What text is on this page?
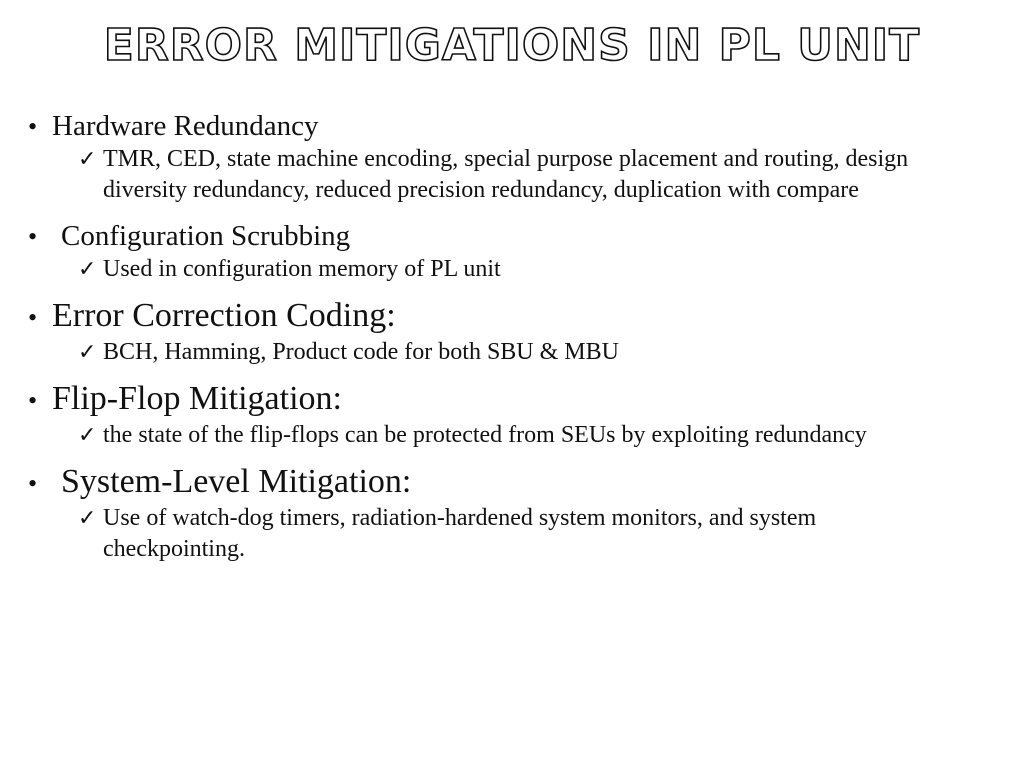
ERROR MITIGATIONS IN PL UNIT
• Hardware Redundancy
✓ TMR, CED, state machine encoding, special purpose placement and routing, design diversity redundancy, reduced precision redundancy, duplication with compare
• Configuration Scrubbing
✓ Used in configuration memory of PL unit
• Error Correction Coding:
✓ BCH, Hamming, Product code for both SBU & MBU
• Flip-Flop Mitigation:
✓ the state of the flip-flops can be protected from SEUs by exploiting redundancy
• System-Level Mitigation:
✓ Use of watch-dog timers, radiation-hardened system monitors, and system checkpointing.
